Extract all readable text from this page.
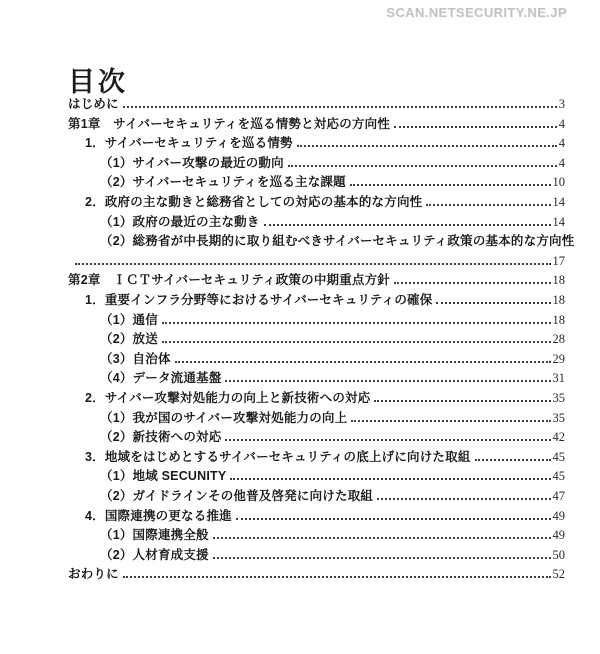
SCAN.NETSECURITY.NE.JP
目次
はじめに	3
第1章　サイバーセキュリティを巡る情勢と対応の方向性	4
1．サイバーセキュリティを巡る情勢	4
（1）サイバー攻撃の最近の動向	4
（2）サイバーセキュリティを巡る主な課題	10
2．政府の主な動きと総務省としての対応の基本的な方向性	14
（1）政府の最近の主な動き	14
（2）総務省が中長期的に取り組むべきサイバーセキュリティ政策の基本的な方向性
17
第2章　ＩＣＴサイバーセキュリティ政策の中期重点方針	18
1．重要インフラ分野等におけるサイバーセキュリティの確保	18
（1）通信	18
（2）放送	28
（3）自治体	29
（4）データ流通基盤	31
2．サイバー攻撃対処能力の向上と新技術への対応	35
（1）我が国のサイバー攻撃対処能力の向上	35
（2）新技術への対応	42
3．地域をはじめとするサイバーセキュリティの底上げに向けた取組	45
（1）地域 SECUNITY	45
（2）ガイドラインその他普及啓発に向けた取組	47
4．国際連携の更なる推進	49
（1）国際連携全般	49
（2）人材育成支援	50
おわりに	52
